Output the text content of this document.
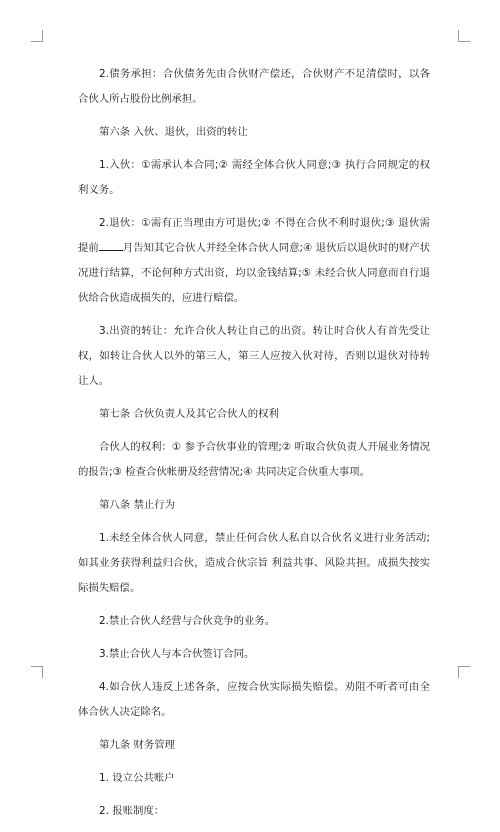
2.债务承担：合伙债务先由合伙财产偿还，合伙财产不足清偿时，以各合伙人所占股份比例承担。

第六条 入伙、退伙，出资的转让

1.入伙：①需承认本合同;② 需经全体合伙人同意;③ 执行合同规定的权利义务。

2.退伙：①需有正当理由方可退伙;② 不得在合伙不利时退伙;③ 退伙需提前 月告知其它合伙人并经全体合伙人同意;④ 退伙后以退伙时的财产状况进行结算，不论何种方式出资，均以金钱结算;⑤ 未经合伙人同意而自行退伙给合伙造成损失的，应进行赔偿。

3.出资的转让：允许合伙人转让自己的出资。转让时合伙人有首先受让权，如转让合伙人以外的第三人，第三人应按入伙对待，否则以退伙对待转让人。

第七条 合伙负责人及其它合伙人的权利

合伙人的权利：① 参予合伙事业的管理;② 听取合伙负责人开展业务情况的报告;③ 检查合伙帐册及经营情况;④ 共同决定合伙重大事项。

第八条 禁止行为

1.未经全体合伙人同意，禁止任何合伙人私自以合伙名义进行业务活动;如其业务获得利益归合伙，造成合伙宗旨 利益共事、风险共担。成损失按实际损失赔偿。

2.禁止合伙人经营与合伙竞争的业务。

3.禁止合伙人与本合伙签订合同。

4.如合伙人违反上述各条，应按合伙实际损失赔偿。劝阻不听者可由全体合伙人决定除名。

第九条 财务管理

1. 设立公共账户

2. 报账制度：
